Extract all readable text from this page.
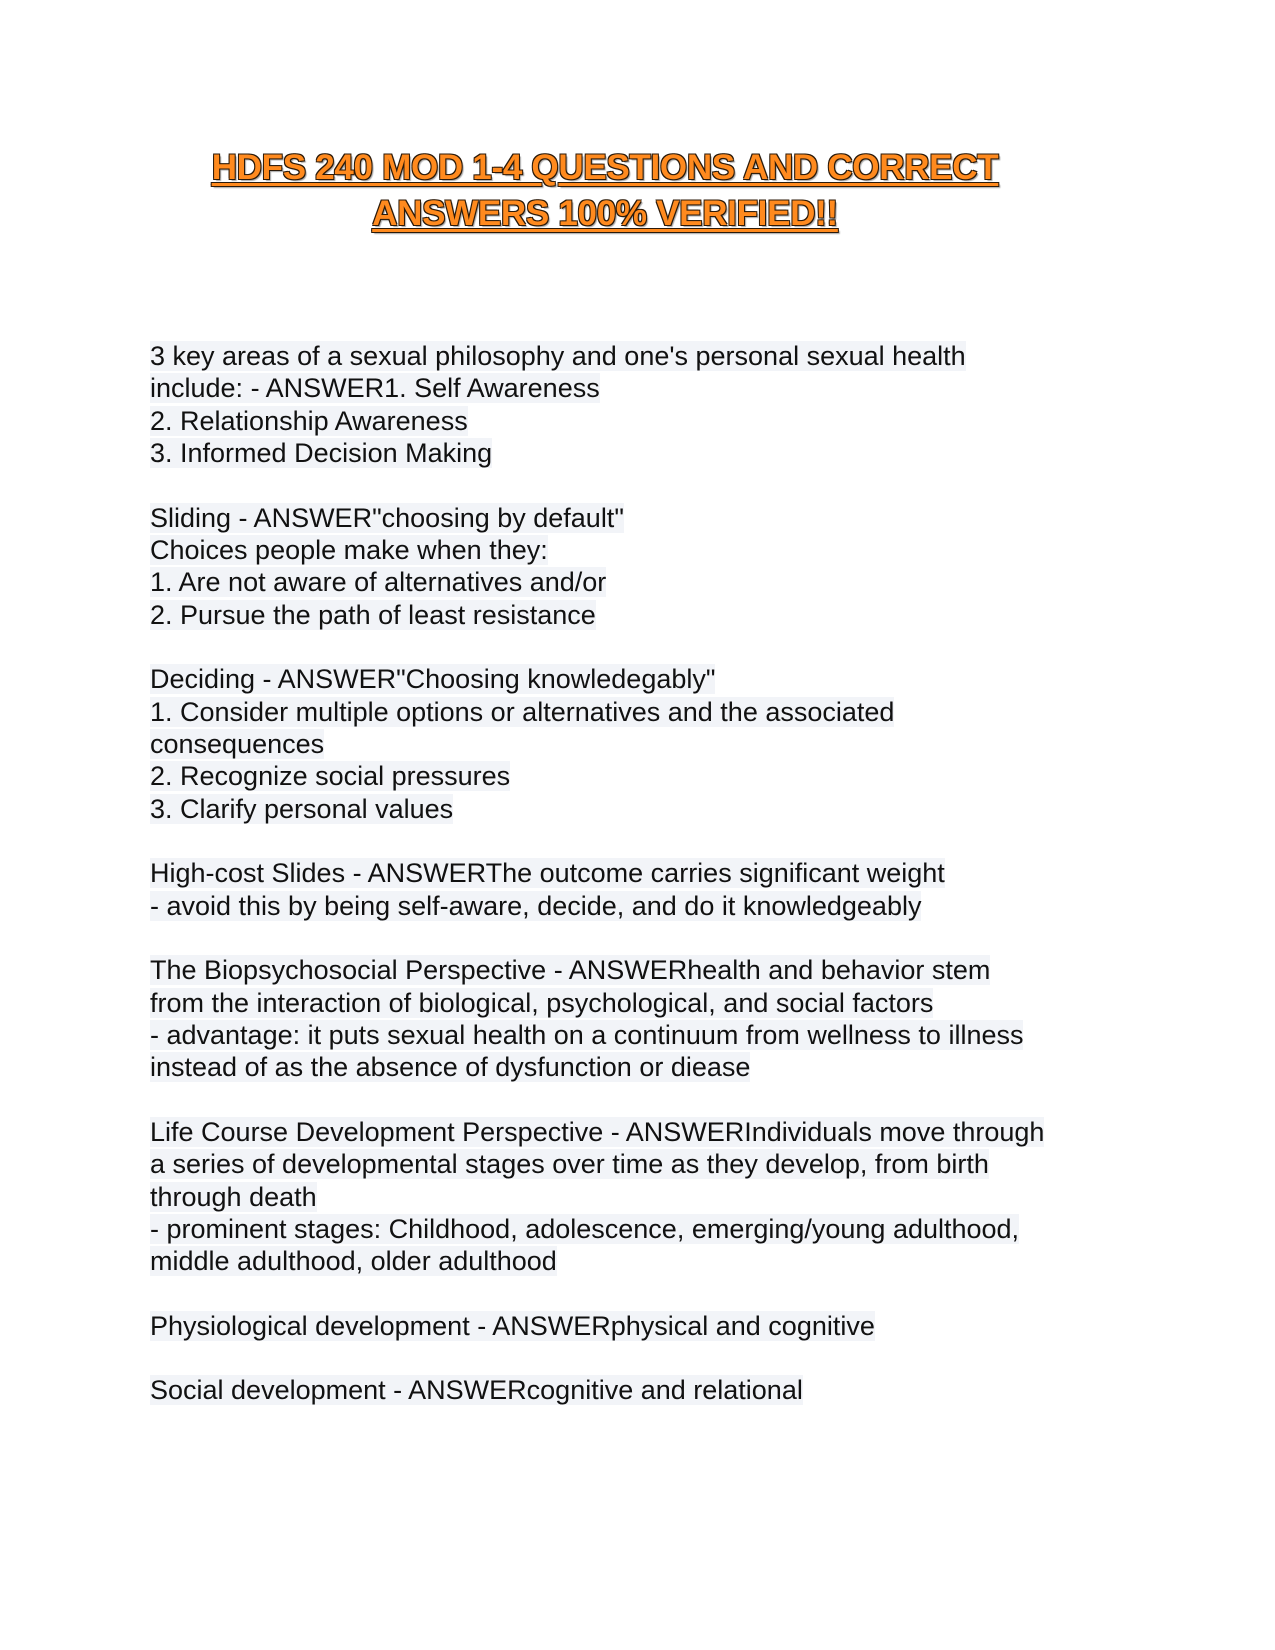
HDFS 240 MOD 1-4 QUESTIONS AND CORRECT
ANSWERS 100% VERIFIED!!
3 key areas of a sexual philosophy and one's personal sexual health
include: - ANSWER1. Self Awareness
2. Relationship Awareness
3. Informed Decision Making
Sliding - ANSWER"choosing by default"
Choices people make when they:
1. Are not aware of alternatives and/or
2. Pursue the path of least resistance
Deciding - ANSWER"Choosing knowledegably"
1. Consider multiple options or alternatives and the associated
consequences
2. Recognize social pressures
3. Clarify personal values
High-cost Slides - ANSWERThe outcome carries significant weight
- avoid this by being self-aware, decide, and do it knowledgeably
The Biopsychosocial Perspective - ANSWERhealth and behavior stem
from the interaction of biological, psychological, and social factors
- advantage: it puts sexual health on a continuum from wellness to illness
instead of as the absence of dysfunction or diease
Life Course Development Perspective - ANSWERIndividuals move through
a series of developmental stages over time as they develop, from birth
through death
- prominent stages: Childhood, adolescence, emerging/young adulthood,
middle adulthood, older adulthood
Physiological development - ANSWERphysical and cognitive
Social development - ANSWERcognitive and relational
